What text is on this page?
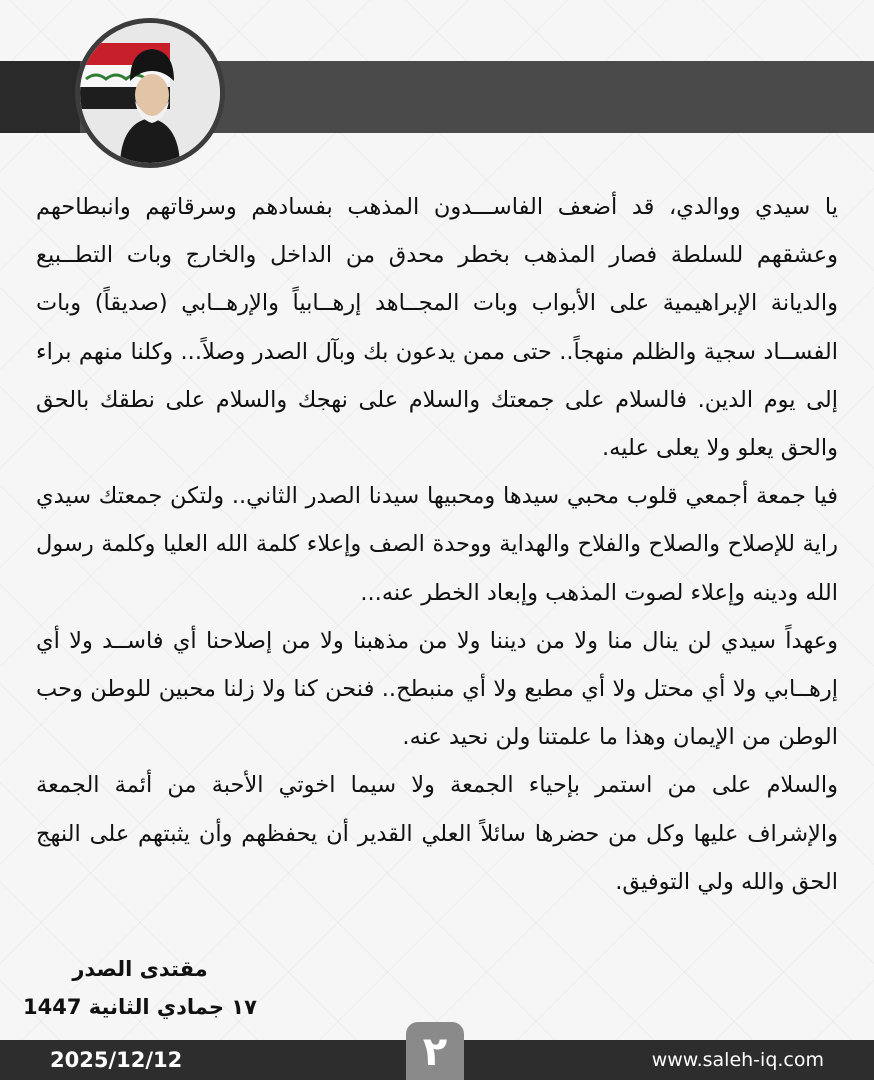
يا سيدي ووالدي، قد أضعف الفاســـدون المذهب بفسادهم وسرقاتهم وانبطاحهم وعشقهم للسلطة فصار المذهب بخطر محدق من الداخل والخارج وبات التطــبيع والديانة الإبراهيمية على الأبواب وبات المجــاهد إرهــابياً والإرهــابي (صديقاً) وبات الفســاد سجية والظلم منهجاً.. حتى ممن يدعون بك وبآل الصدر وصلاً... وكلنا منهم براء إلى يوم الدين. فالسلام على جمعتك والسلام على نهجك والسلام على نطقك بالحق والحق يعلو ولا يعلى عليه.

فيا جمعة أجمعي قلوب محبي سيدها ومحبيها سيدنا الصدر الثاني.. ولتكن جمعتك سيدي راية للإصلاح والصلاح والفلاح والهداية ووحدة الصف وإعلاء كلمة الله العليا وكلمة رسول الله ودينه وإعلاء لصوت المذهب وإبعاد الخطر عنه...

وعهداً سيدي لن ينال منا ولا من ديننا ولا من مذهبنا ولا من إصلاحنا أي فاســد ولا أي إرهــابي ولا أي محتل ولا أي مطبع ولا أي منبطح.. فنحن كنا ولا زلنا محبين للوطن وحب الوطن من الإيمان وهذا ما علمتنا ولن نحيد عنه.

والسلام على من استمر بإحياء الجمعة ولا سيما اخوتي الأحبة من أئمة الجمعة والإشراف عليها وكل من حضرها سائلاً العلي القدير أن يحفظهم وأن يثبتهم على النهج الحق والله ولي التوفيق.

مقتدى الصدر
١٧ جمادي الثانية 1447
2025/12/12	www.saleh-iq.com
٢
